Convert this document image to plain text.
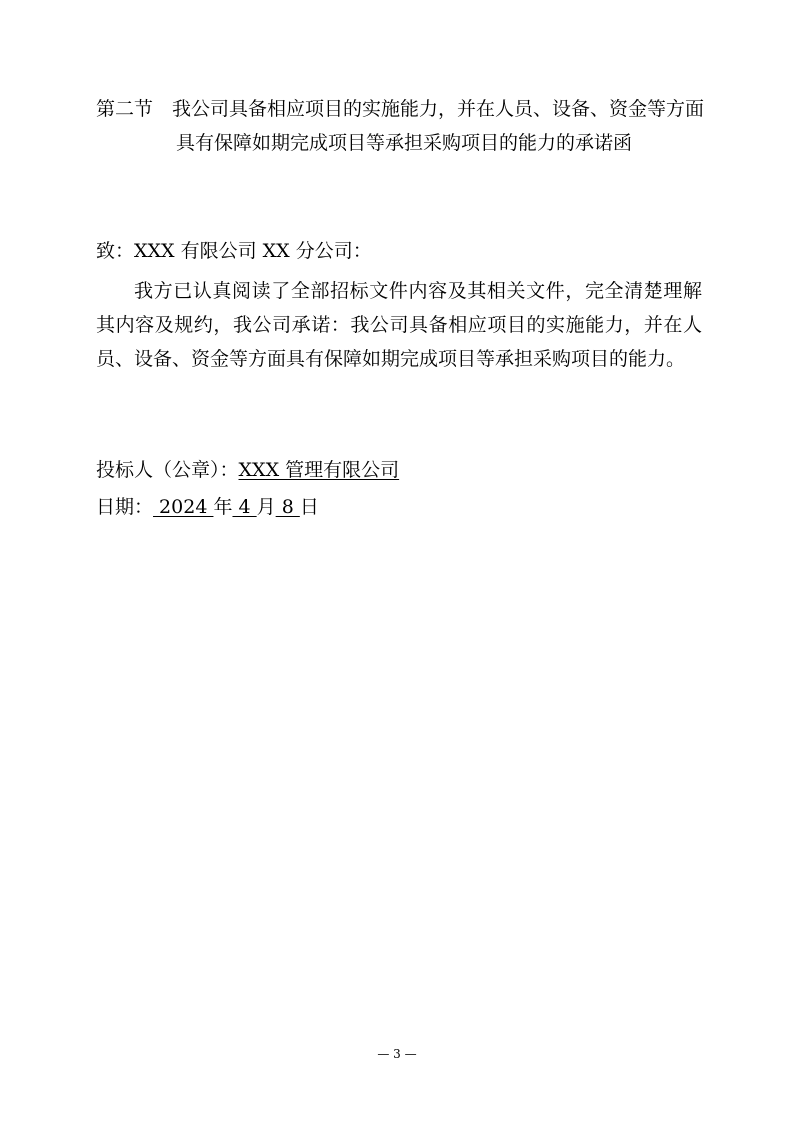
第二节 我公司具备相应项目的实施能力，并在人员、设备、资金等方面
具有保障如期完成项目等承担采购项目的能力的承诺函
致：XXX 有限公司 XX 分公司：
我方已认真阅读了全部招标文件内容及其相关文件，完全清楚理解其内容及规约，我公司承诺：我公司具备相应项目的实施能力，并在人员、设备、资金等方面具有保障如期完成项目等承担采购项目的能力。
投标人（公章）：XXX 管理有限公司
日期： 2024 年 4 月 8 日
— 3 —
